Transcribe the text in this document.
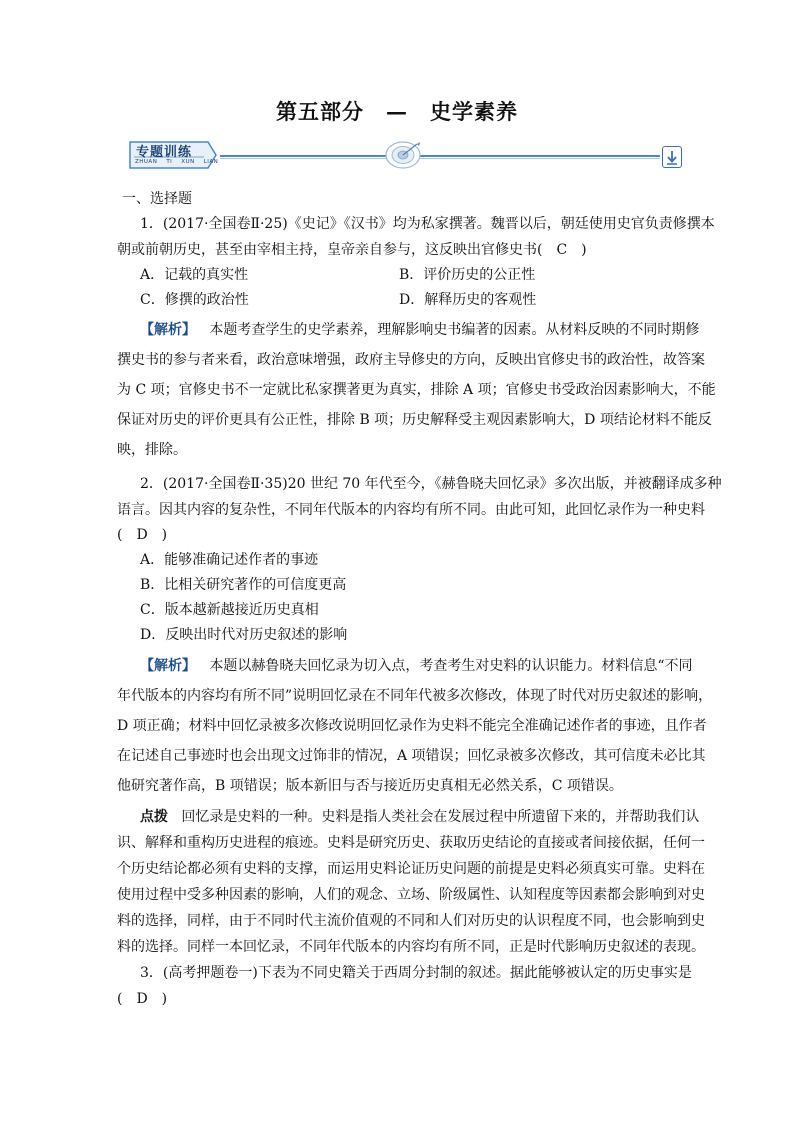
第五部分　—　史学素养
专题训练
ZHUAN TI XUN LIAN
一、选择题
1．(2017·全国卷Ⅱ·25)《史记》《汉书》均为私家撰著。魏晋以后，朝廷使用史官负责修撰本
朝或前朝历史，甚至由宰相主持，皇帝亲自参与，这反映出官修史书(　C　)
A．记载的真实性	B．评价历史的公正性
C．修撰的政治性	D．解释历史的客观性
【解析】 本题考查学生的史学素养，理解影响史书编著的因素。从材料反映的不同时期修
撰史书的参与者来看，政治意味增强，政府主导修史的方向，反映出官修史书的政治性，故答案
为 C 项；官修史书不一定就比私家撰著更为真实，排除 A 项；官修史书受政治因素影响大，不能
保证对历史的评价更具有公正性，排除 B 项；历史解释受主观因素影响大，D 项结论材料不能反
映，排除。
2．(2017·全国卷Ⅱ·35)20 世纪 70 年代至今，《赫鲁晓夫回忆录》多次出版，并被翻译成多种
语言。因其内容的复杂性，不同年代版本的内容均有所不同。由此可知，此回忆录作为一种史料
(　D　)
A．能够准确记述作者的事迹
B．比相关研究著作的可信度更高
C．版本越新越接近历史真相
D．反映出时代对历史叙述的影响
【解析】 本题以赫鲁晓夫回忆录为切入点，考查考生对史料的认识能力。材料信息“不同
年代版本的内容均有所不同”说明回忆录在不同年代被多次修改，体现了时代对历史叙述的影响，
D 项正确；材料中回忆录被多次修改说明回忆录作为史料不能完全准确记述作者的事迹，且作者
在记述自己事迹时也会出现文过饰非的情况，A 项错误；回忆录被多次修改，其可信度未必比其
他研究著作高，B 项错误；版本新旧与否与接近历史真相无必然关系，C 项错误。
点拨 回忆录是史料的一种。史料是指人类社会在发展过程中所遗留下来的，并帮助我们认
识、解释和重构历史进程的痕迹。史料是研究历史、获取历史结论的直接或者间接依据，任何一
个历史结论都必须有史料的支撑，而运用史料论证历史问题的前提是史料必须真实可靠。史料在
使用过程中受多种因素的影响，人们的观念、立场、阶级属性、认知程度等因素都会影响到对史
料的选择，同样，由于不同时代主流价值观的不同和人们对历史的认识程度不同，也会影响到史
料的选择。同样一本回忆录，不同年代版本的内容均有所不同，正是时代影响历史叙述的表现。
3．(高考押题卷一)下表为不同史籍关于西周分封制的叙述。据此能够被认定的历史事实是
(　D　)
